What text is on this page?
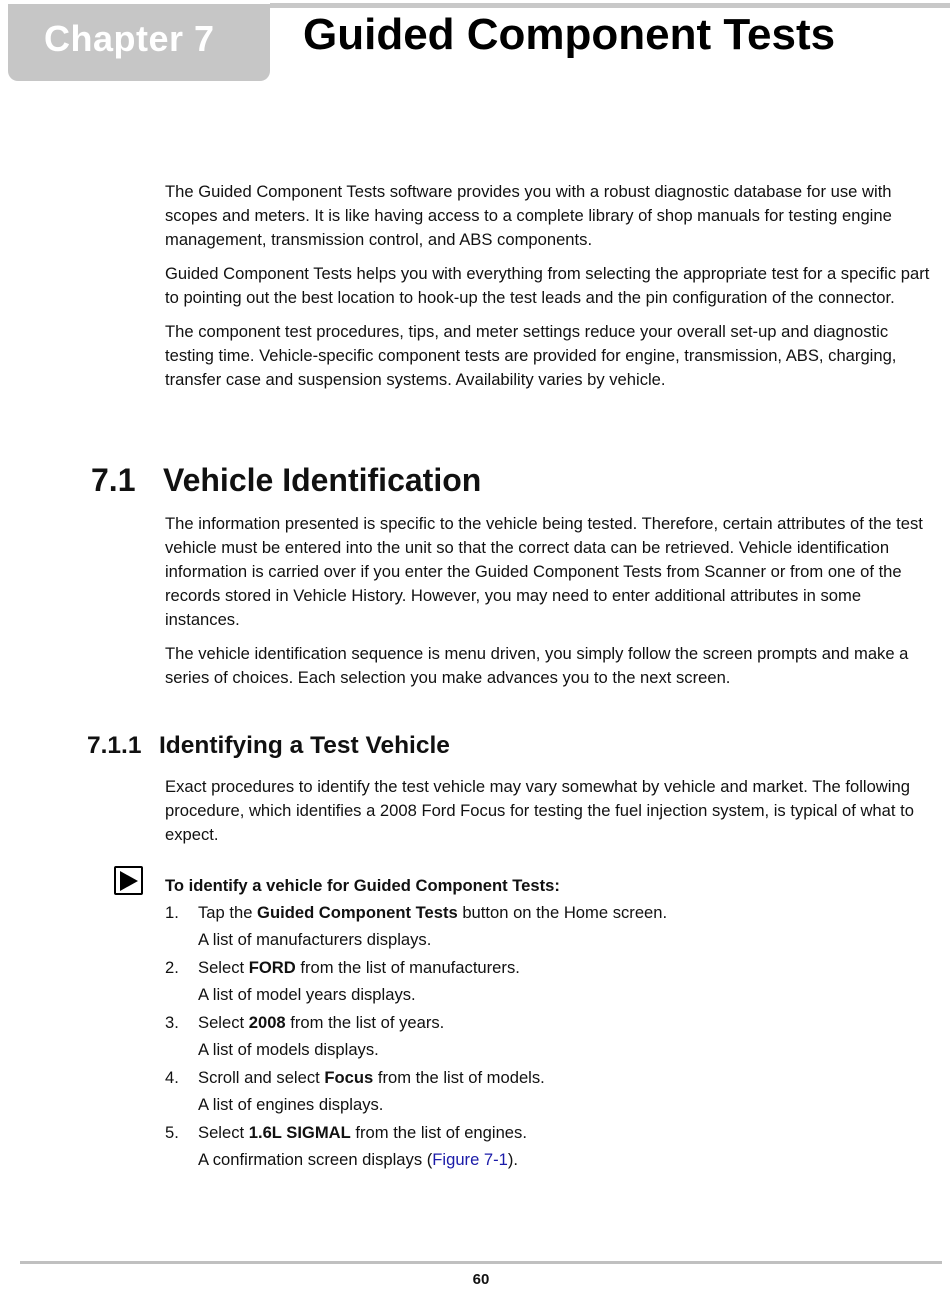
Chapter 7 Guided Component Tests

The Guided Component Tests software provides you with a robust diagnostic database for use with scopes and meters. It is like having access to a complete library of shop manuals for testing engine management, transmission control, and ABS components.

Guided Component Tests helps you with everything from selecting the appropriate test for a specific part to pointing out the best location to hook-up the test leads and the pin configuration of the connector.

The component test procedures, tips, and meter settings reduce your overall set-up and diagnostic testing time. Vehicle-specific component tests are provided for engine, transmission, ABS, charging, transfer case and suspension systems. Availability varies by vehicle.

7.1 Vehicle Identification

The information presented is specific to the vehicle being tested. Therefore, certain attributes of the test vehicle must be entered into the unit so that the correct data can be retrieved. Vehicle identification information is carried over if you enter the Guided Component Tests from Scanner or from one of the records stored in Vehicle History. However, you may need to enter additional attributes in some instances.

The vehicle identification sequence is menu driven, you simply follow the screen prompts and make a series of choices. Each selection you make advances you to the next screen.

7.1.1 Identifying a Test Vehicle

Exact procedures to identify the test vehicle may vary somewhat by vehicle and market. The following procedure, which identifies a 2008 Ford Focus for testing the fuel injection system, is typical of what to expect.

To identify a vehicle for Guided Component Tests:
1. Tap the Guided Component Tests button on the Home screen.
A list of manufacturers displays.
2. Select FORD from the list of manufacturers.
A list of model years displays.
3. Select 2008 from the list of years.
A list of models displays.
4. Scroll and select Focus from the list of models.
A list of engines displays.
5. Select 1.6L SIGMAL from the list of engines.
A confirmation screen displays (Figure 7-1).
60
